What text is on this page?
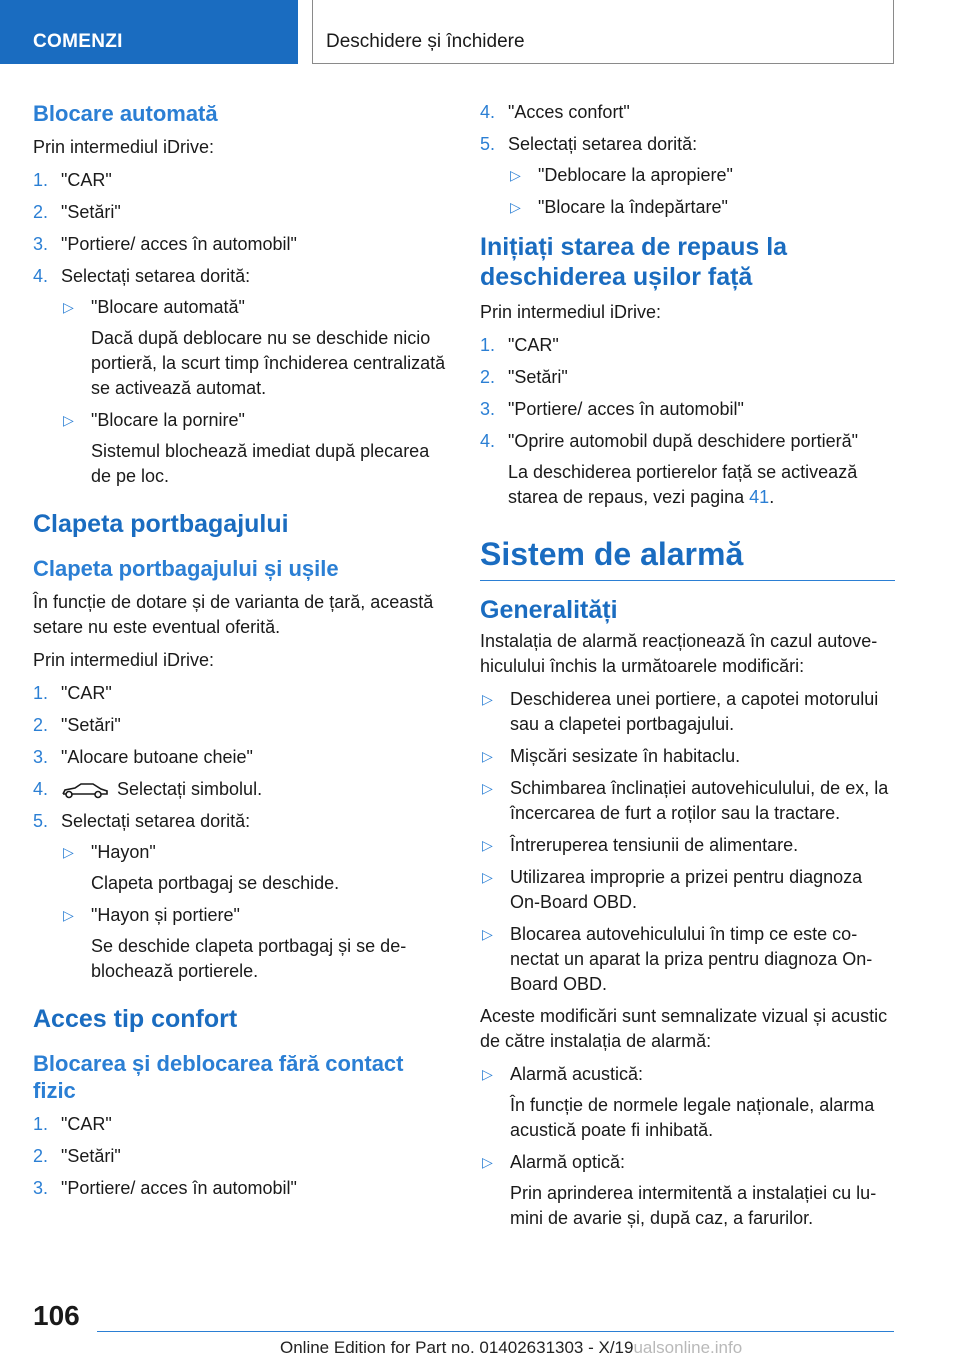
COMENZI	Deschidere și închidere
Blocare automată

Prin intermediul iDrive:

1. "CAR"
2. "Setări"
3. "Portiere/ acces în automobil"
4. Selectați setarea dorită:
▷ "Blocare automată"
Dacă după deblocare nu se deschide nicio portieră, la scurt timp închiderea centralizată se activează automat.
▷ "Blocare la pornire"
Sistemul blochează imediat după plecarea de pe loc.
Clapeta portbagajului
Clapeta portbagajului și ușile

În funcție de dotare și de varianta de țară, această setare nu este eventual oferită.

Prin intermediul iDrive:

1. "CAR"
2. "Setări"
3. "Alocare butoane cheie"
4.	Selectați simbolul.
5. Selectați setarea dorită:
▷ "Hayon"
Clapeta portbagaj se deschide.
▷ "Hayon și portiere"
Se deschide clapeta portbagaj și se deblochează portierele.
Acces tip confort
Blocarea și deblocarea fără contact fizic
1. "CAR"
2. "Setări"
3. "Portiere/ acces în automobil"
4. "Acces confort"
5. Selectați setarea dorită:
▷ "Deblocare la apropiere"
▷ "Blocare la îndepărtare"
Inițiați starea de repaus la deschiderea ușilor față

Prin intermediul iDrive:

1. "CAR"
2. "Setări"
3. "Portiere/ acces în automobil"
4. "Oprire automobil după deschidere portieră"
La deschiderea portierelor față se activează starea de repaus, vezi pagina 41.
Sistem de alarmă
Generalități

Instalația de alarmă reacționează în cazul autovehiculului închis la următoarele modificări:

▷ Deschiderea unei portiere, a capotei motorului sau a clapetei portbagajului.
▷ Mișcări sesizate în habitaclu.
▷ Schimbarea înclinației autovehiculului, de ex, la încercarea de furt a roților sau la tractare.
▷ Întreruperea tensiunii de alimentare.
▷ Utilizarea improprie a prizei pentru diagnoza On-Board OBD.
▷ Blocarea autovehiculului în timp ce este conectat un aparat la priza pentru diagnoza On-Board OBD.

Aceste modificări sunt semnalizate vizual și acustic de către instalația de alarmă:

▷ Alarmă acustică:
În funcție de normele legale naționale, alarma acustică poate fi inhibată.
▷ Alarmă optică:
Prin aprinderea intermitentă a instalației cu lumini de avarie și, după caz, a farurilor.
106
Online Edition for Part no. 01402631303 - X/19ualsonline.info
